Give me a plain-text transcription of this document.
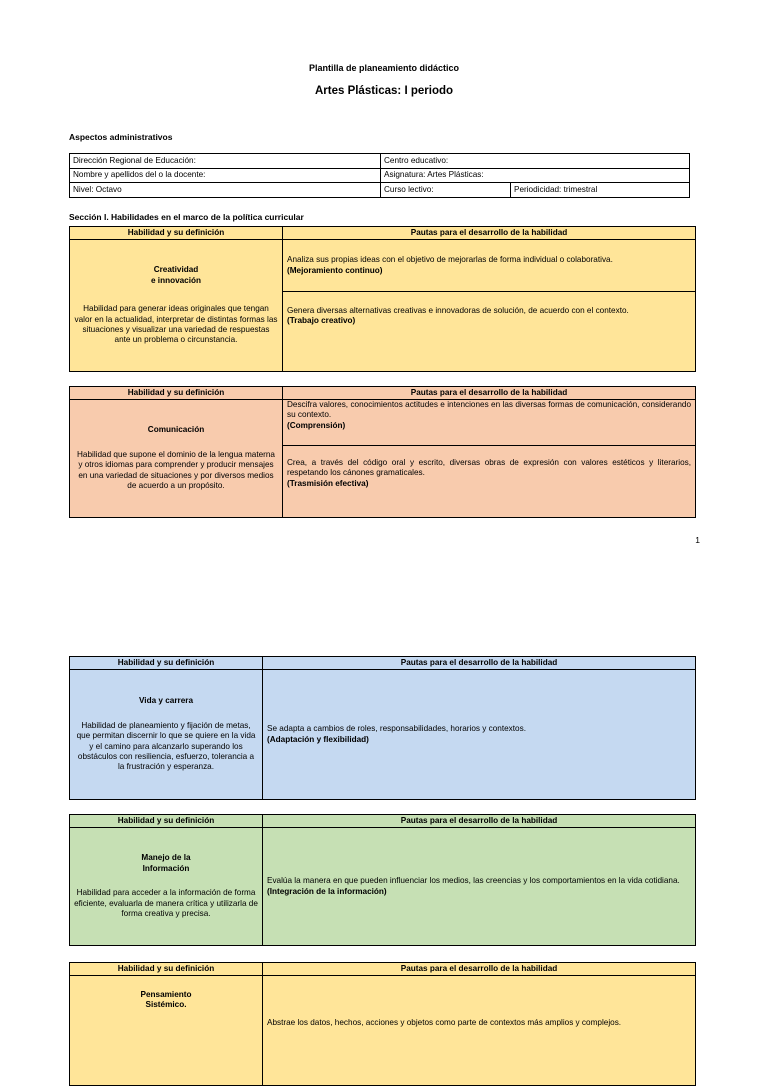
Plantilla de planeamiento didáctico
Artes Plásticas: I periodo
Aspectos administrativos
Dirección Regional de Educación:	Centro educativo:	
Nombre y apellidos del o la docente:	Asignatura: Artes Plásticas:	
Nivel: Octavo	Curso lectivo:	Periodicidad: trimestral
Sección I. Habilidades en el marco de la política curricular
Habilidad y su definición	Pautas para el desarrollo de la habilidad

Creatividad
e innovación
Habilidad para generar ideas originales que tengan valor en la actualidad, interpretar de distintas formas las situaciones y visualizar una variedad de respuestas ante un problema o circunstancia.	Analiza sus propias ideas con el objetivo de mejorarlas de forma individual o colaborativa.
(Mejoramiento continuo)

	Genera diversas alternativas creativas e innovadoras de solución, de acuerdo con el contexto.
(Trabajo creativo)
Habilidad y su definición	Pautas para el desarrollo de la habilidad

Comunicación
Habilidad que supone el dominio de la lengua materna y otros idiomas para comprender y producir mensajes en una variedad de situaciones y por diversos medios de acuerdo a un propósito.	Descifra valores, conocimientos actitudes e intenciones en las diversas formas de comunicación, considerando su contexto.
(Comprensión)

	Crea, a través del código oral y escrito, diversas obras de expresión con valores estéticos y literarios, respetando los cánones gramaticales.
(Trasmisión efectiva)
1
Habilidad y su definición	Pautas para el desarrollo de la habilidad

Vida y carrera
Habilidad de planeamiento y fijación de metas, que permitan discernir lo que se quiere en la vida y el camino para alcanzarlo superando los obstáculos con resiliencia, esfuerzo, tolerancia a la frustración y esperanza.	Se adapta a cambios de roles, responsabilidades, horarios y contextos.
(Adaptación y flexibilidad)
Habilidad y su definición	Pautas para el desarrollo de la habilidad

Manejo de la
Información
Habilidad para acceder a la información de forma eficiente, evaluarla de manera crítica y utilizarla de forma creativa y precisa.	Evalúa la manera en que pueden influenciar los medios, las creencias y los comportamientos en la vida cotidiana.
(Integración de la información)
Habilidad y su definición	Pautas para el desarrollo de la habilidad

Pensamiento
Sistémico.	Abstrae los datos, hechos, acciones y objetos como parte de contextos más amplios y complejos.
